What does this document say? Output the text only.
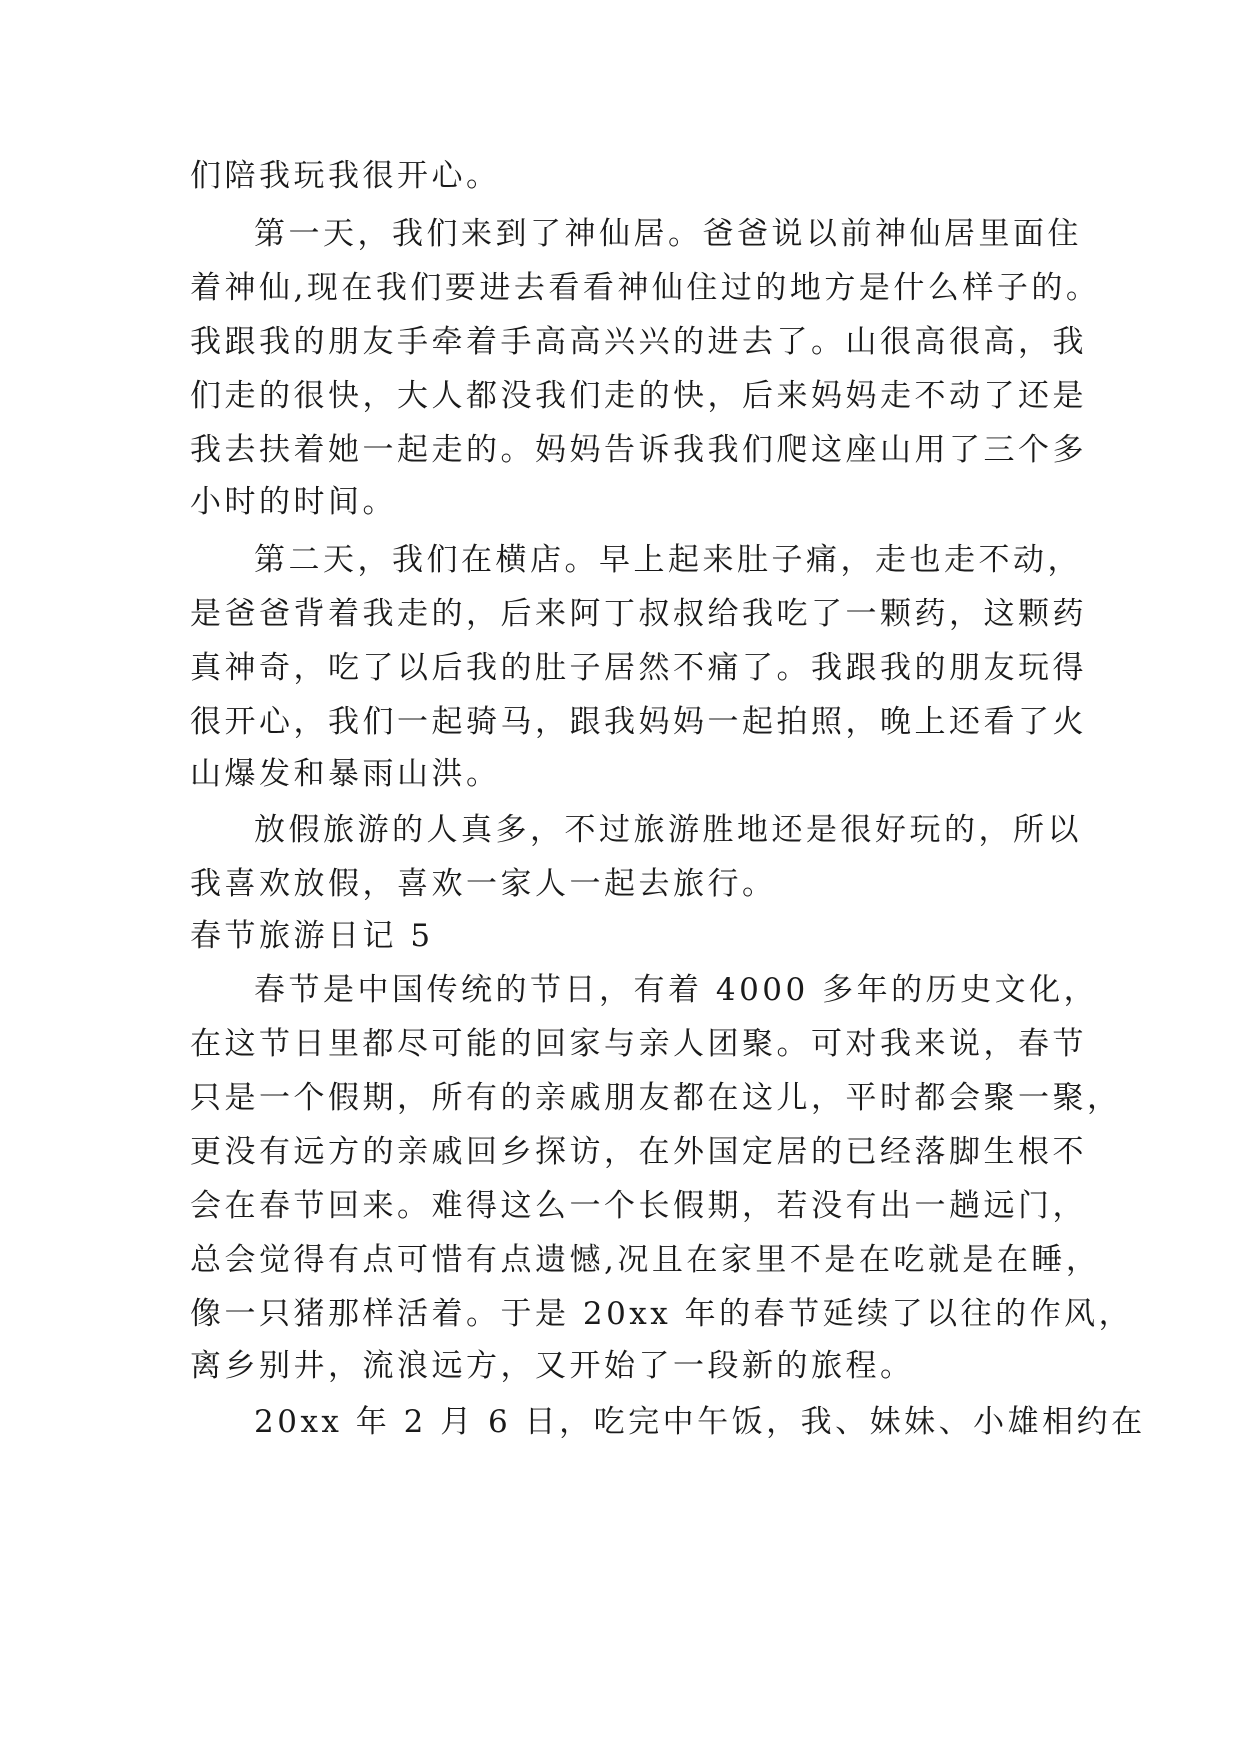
们陪我玩我很开心。
第一天，我们来到了神仙居。爸爸说以前神仙居里面住
着神仙,现在我们要进去看看神仙住过的地方是什么样子的。
我跟我的朋友手牵着手高高兴兴的进去了。山很高很高，我
们走的很快，大人都没我们走的快，后来妈妈走不动了还是
我去扶着她一起走的。妈妈告诉我我们爬这座山用了三个多
小时的时间。
第二天，我们在横店。早上起来肚子痛，走也走不动，
是爸爸背着我走的，后来阿丁叔叔给我吃了一颗药，这颗药
真神奇，吃了以后我的肚子居然不痛了。我跟我的朋友玩得
很开心，我们一起骑马，跟我妈妈一起拍照，晚上还看了火
山爆发和暴雨山洪。
放假旅游的人真多，不过旅游胜地还是很好玩的，所以
我喜欢放假，喜欢一家人一起去旅行。
春节旅游日记 5
春节是中国传统的节日，有着 4000 多年的历史文化，
在这节日里都尽可能的回家与亲人团聚。可对我来说，春节
只是一个假期，所有的亲戚朋友都在这儿，平时都会聚一聚，
更没有远方的亲戚回乡探访，在外国定居的已经落脚生根不
会在春节回来。难得这么一个长假期，若没有出一趟远门，
总会觉得有点可惜有点遗憾,况且在家里不是在吃就是在睡，
像一只猪那样活着。于是 20xx 年的春节延续了以往的作风，
离乡别井，流浪远方，又开始了一段新的旅程。
20xx 年 2 月 6 日，吃完中午饭，我、妹妹、小雄相约在
